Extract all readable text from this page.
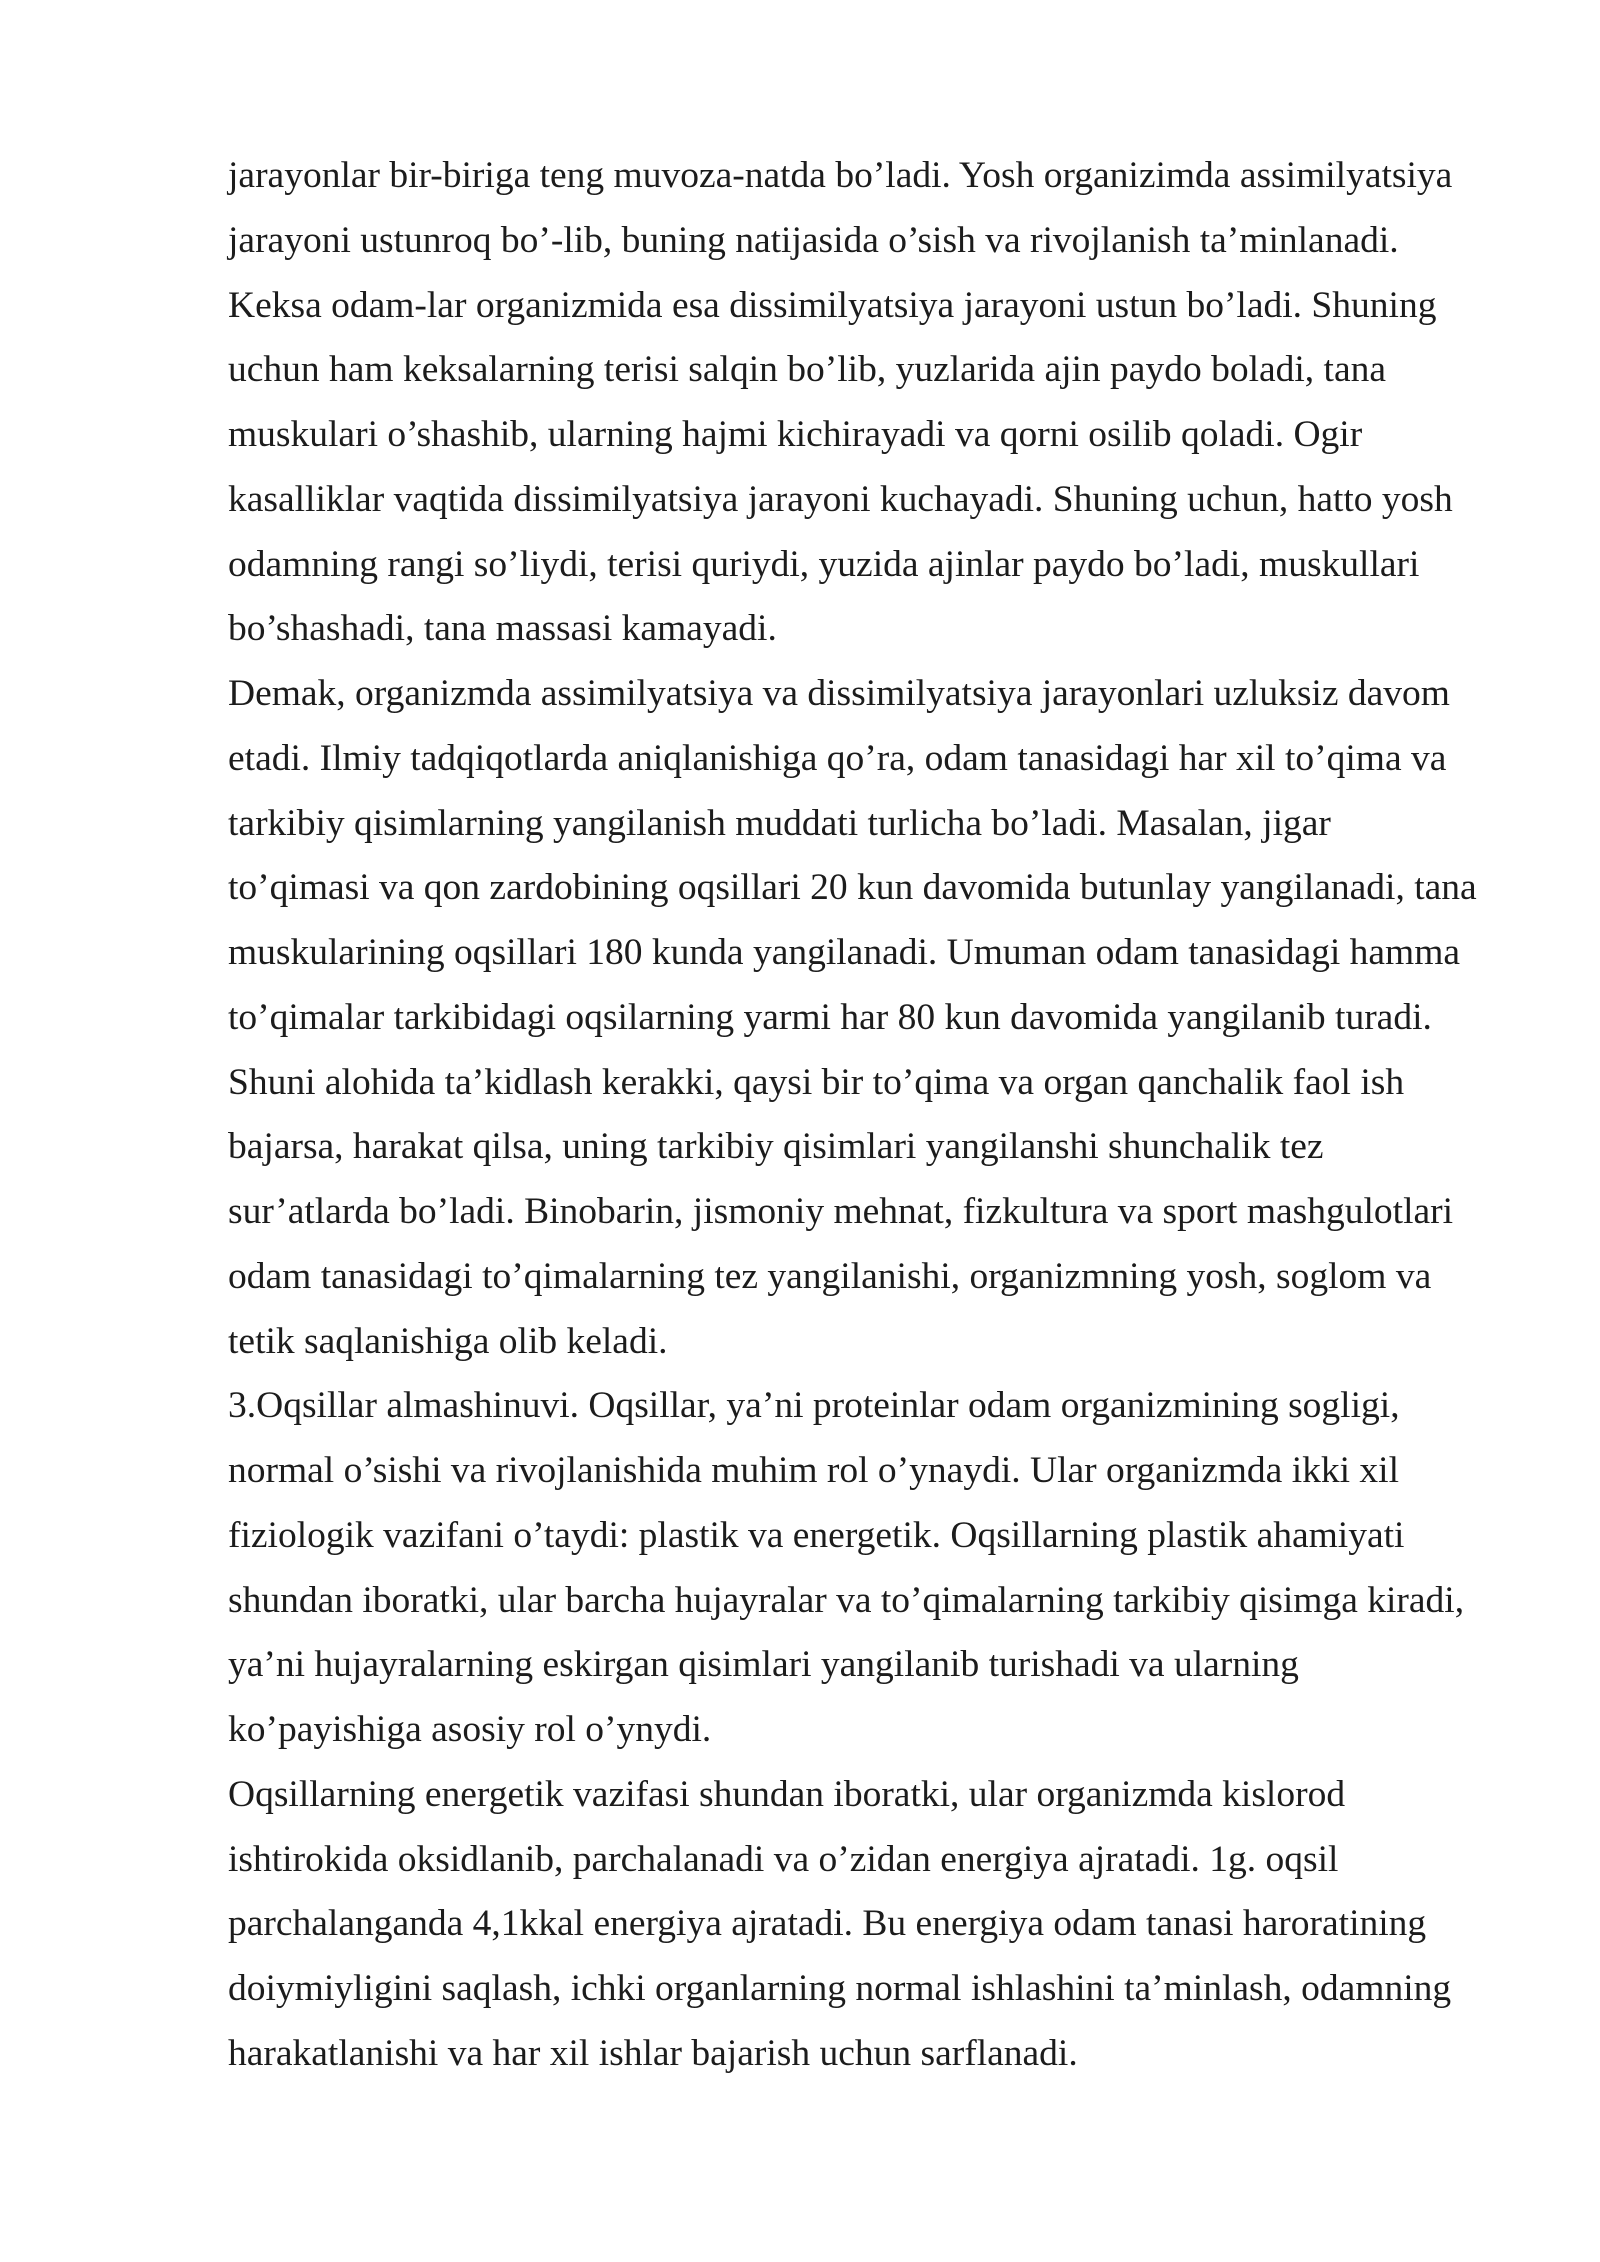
jarayonlar bir-biriga teng muvoza-natda bo’ladi. Yosh organizimda assimilyatsiya
jarayoni ustunroq bo’-lib, buning natijasida o’sish va rivojlanish ta’minlanadi.
Keksa odam-lar organizmida esa dissimilyatsiya jarayoni ustun bo’ladi. Shuning
uchun ham keksalarning terisi salqin bo’lib, yuzlarida ajin paydo boladi, tana
muskulari o’shashib, ularning hajmi kichirayadi va qorni osilib qoladi. Ogir
kasalliklar vaqtida dissimilyatsiya jarayoni kuchayadi. Shuning uchun, hatto yosh
odamning rangi so’liydi, terisi quriydi, yuzida ajinlar paydo bo’ladi, muskullari
bo’shashadi, tana massasi kamayadi.
Demak, organizmda assimilyatsiya va dissimilyatsiya jarayonlari uzluksiz davom
etadi. Ilmiy tadqiqotlarda aniqlanishiga qo’ra, odam tanasidagi har xil to’qima va
tarkibiy qisimlarning yangilanish muddati turlicha bo’ladi. Masalan, jigar
to’qimasi va qon zardobining oqsillari 20 kun davomida butunlay yangilanadi, tana
muskularining oqsillari 180 kunda yangilanadi. Umuman odam tanasidagi hamma
to’qimalar tarkibidagi oqsilarning yarmi har 80 kun davomida yangilanib turadi.
Shuni alohida ta’kidlash kerakki, qaysi bir to’qima va organ qanchalik faol ish
bajarsa, harakat qilsa, uning tarkibiy qisimlari yangilanshi shunchalik tez
sur’atlarda bo’ladi. Binobarin, jismoniy mehnat, fizkultura va sport mashgulotlari
odam tanasidagi to’qimalarning tez yangilanishi, organizmning yosh, soglom va
tetik saqlanishiga olib keladi.
3.Oqsillar almashinuvi. Oqsillar, ya’ni proteinlar odam organizmining sogligi,
normal o’sishi va rivojlanishida muhim rol o’ynaydi. Ular organizmda ikki xil
fiziologik vazifani o’taydi: plastik va energetik. Oqsillarning plastik ahamiyati
shundan iboratki, ular barcha hujayralar va to’qimalarning tarkibiy qisimga kiradi,
ya’ni hujayralarning eskirgan qisimlari yangilanib turishadi va ularning
ko’payishiga asosiy rol o’ynydi.
Oqsillarning energetik vazifasi shundan iboratki, ular organizmda kislorod
ishtirokida oksidlanib, parchalanadi va o’zidan energiya ajratadi. 1g. oqsil
parchalanganda 4,1kkal energiya ajratadi. Bu energiya odam tanasi haroratining
doiymiyligini saqlash, ichki organlarning normal ishlashini ta’minlash, odamning
harakatlanishi va har xil ishlar bajarish uchun sarflanadi.
